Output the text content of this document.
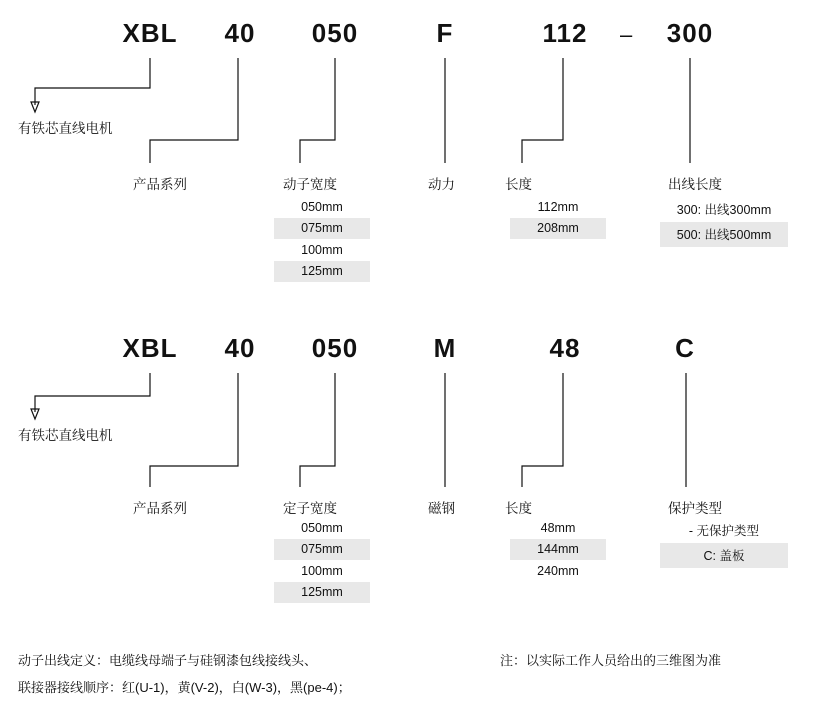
XBL	40	050	F	112	–	300
有铁芯直线电机
产品系列	动子宽度	动力	长度	出线长度
050mm
075mm
100mm
125mm
112mm
208mm
300: 出线300mm
500: 出线500mm
XBL	40	050	M	48	C
有铁芯直线电机
产品系列	定子宽度	磁钢	长度	保护类型
050mm
075mm
100mm
125mm
48mm
144mm
240mm
- 无保护类型
C: 盖板
动子出线定义：电缆线母端子与硅钢漆包线接线头、
联接器接线顺序：红(U-1)，黄(V-2)，白(W-3)，黑(pe-4)；
注：以实际工作人员给出的三维图为准
